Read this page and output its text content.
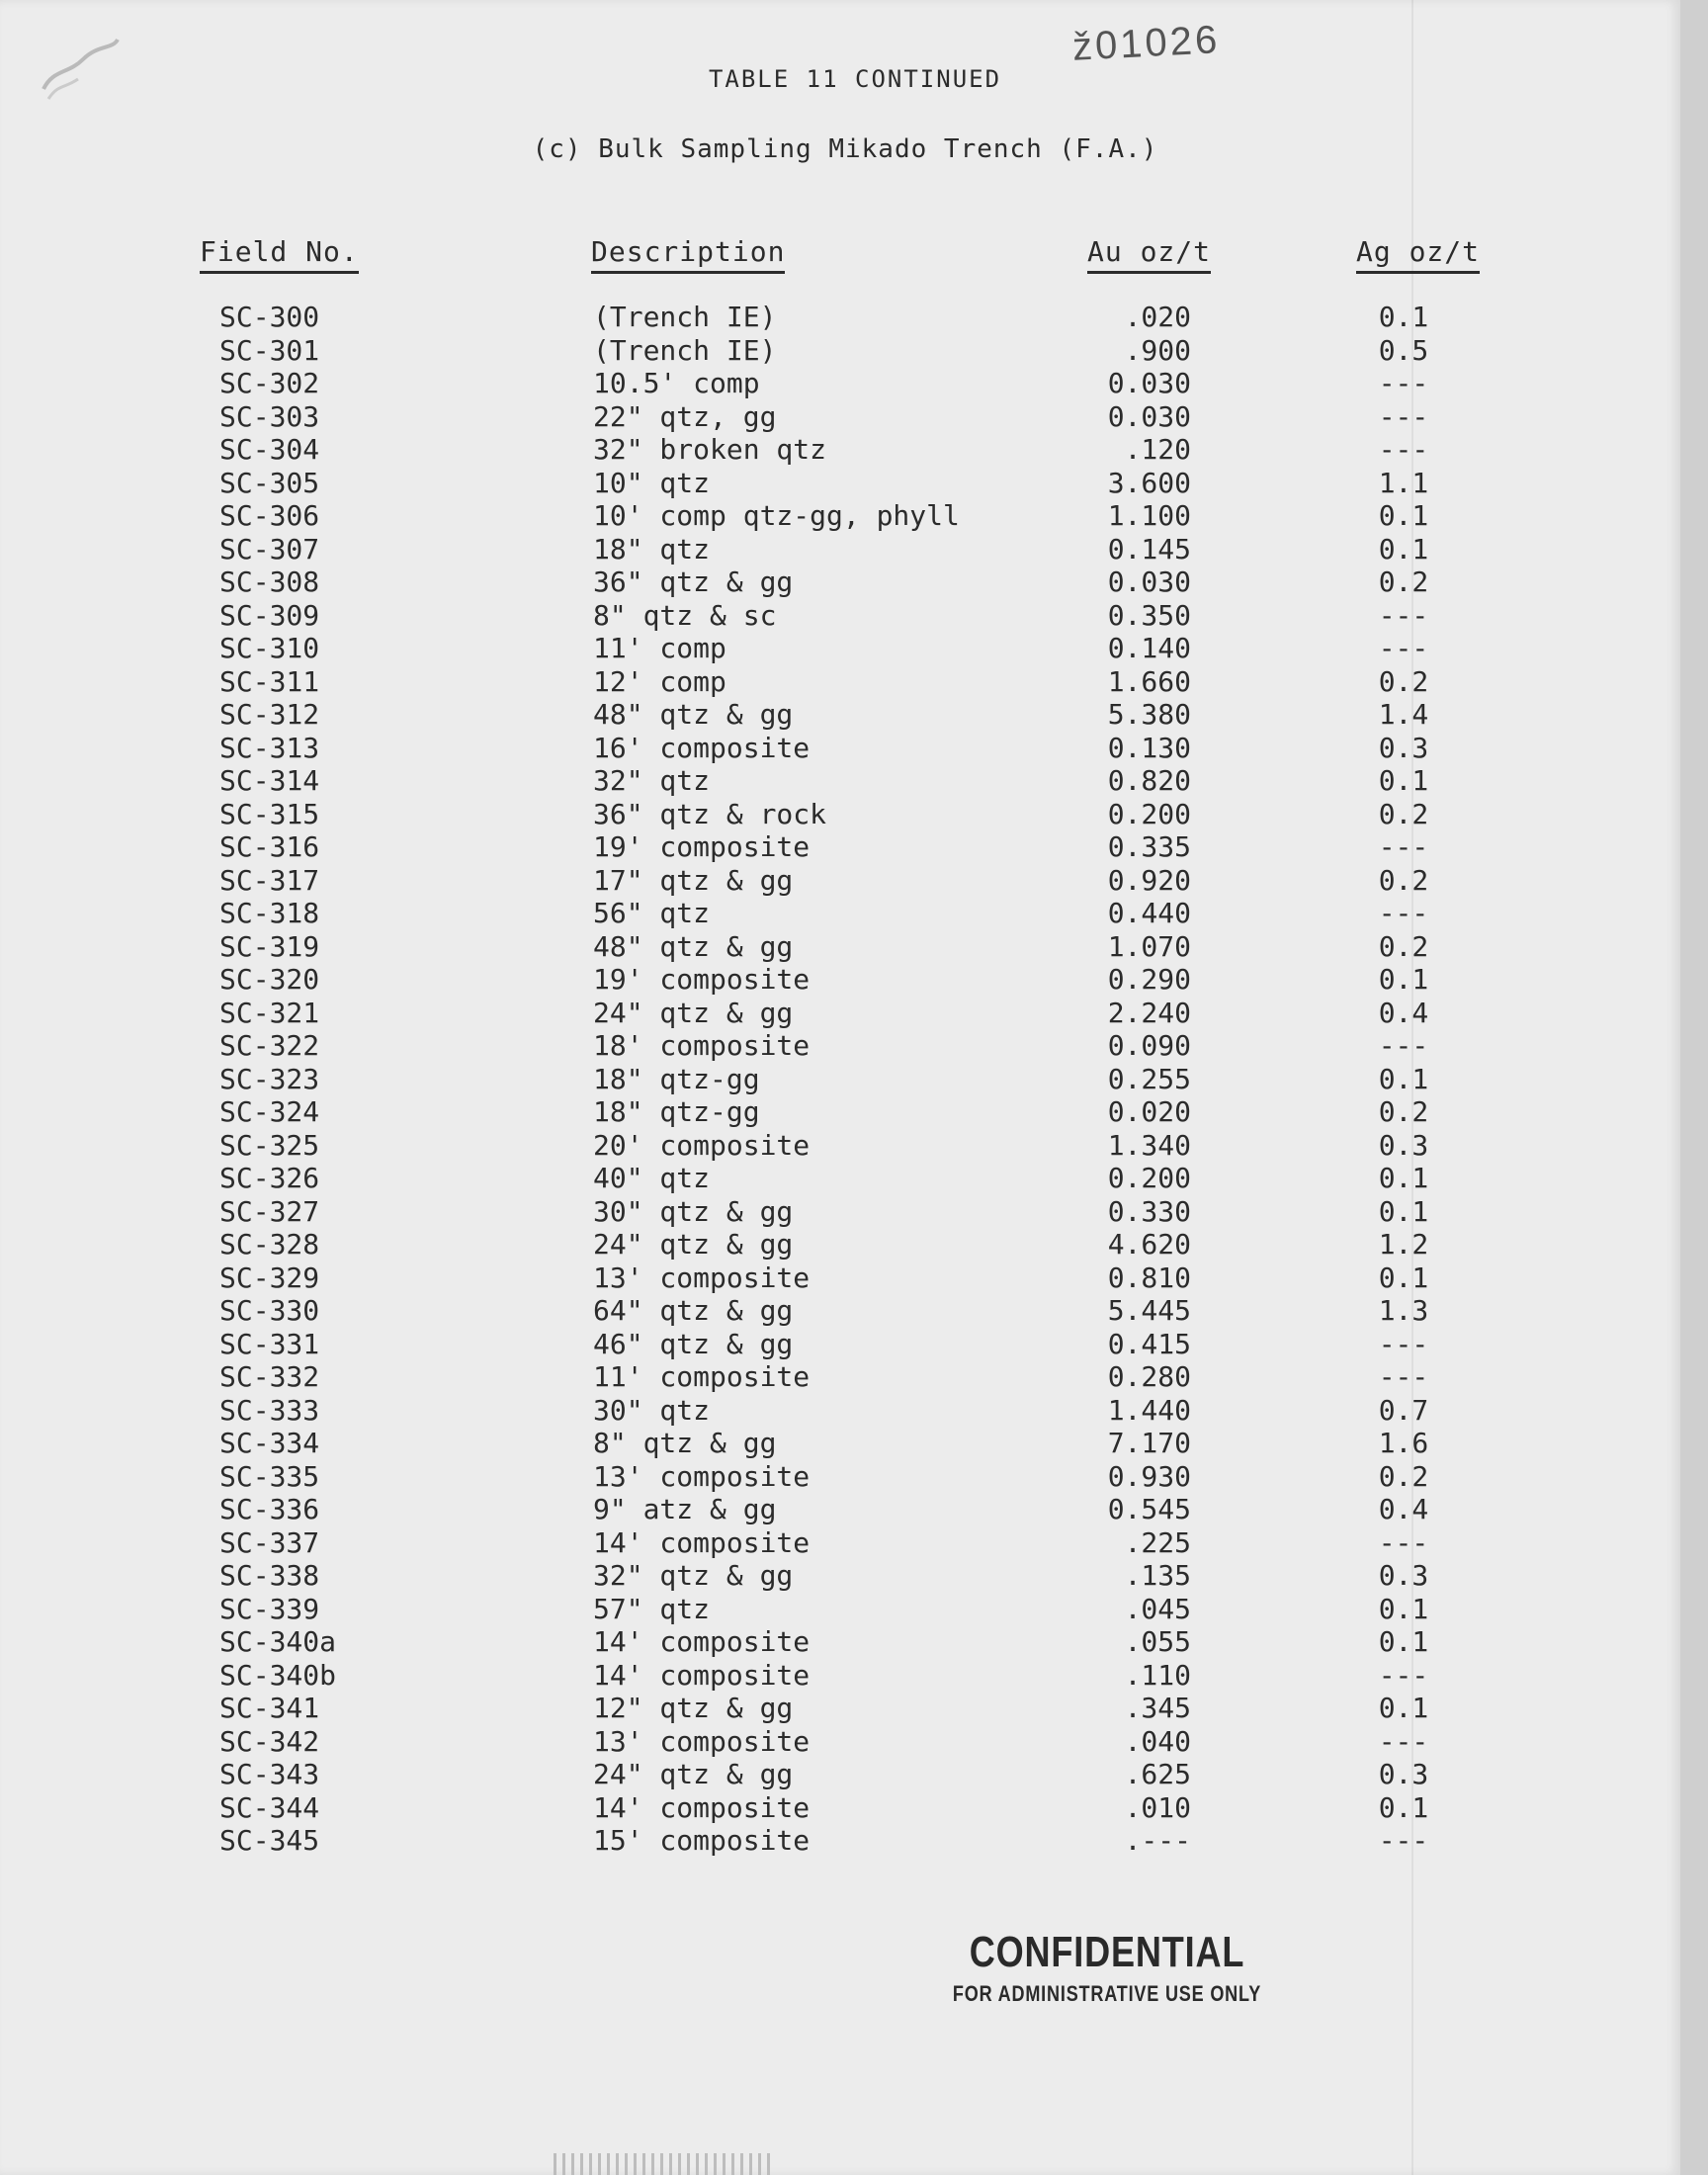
ž01026
TABLE 11 CONTINUED
(c) Bulk Sampling Mikado Trench (F.A.)
Field No.	Description	Au oz/t	Ag oz/t
SC-300	(Trench IE)	.020	0.1
SC-301	(Trench IE)	.900	0.5
SC-302	10.5' comp	0.030	---
SC-303	22" qtz, gg	0.030	---
SC-304	32" broken qtz	.120	---
SC-305	10" qtz	3.600	1.1
SC-306	10' comp qtz-gg, phyll	1.100	0.1
SC-307	18" qtz	0.145	0.1
SC-308	36" qtz & gg	0.030	0.2
SC-309	8" qtz & sc	0.350	---
SC-310	11' comp	0.140	---
SC-311	12' comp	1.660	0.2
SC-312	48" qtz & gg	5.380	1.4
SC-313	16' composite	0.130	0.3
SC-314	32" qtz	0.820	0.1
SC-315	36" qtz & rock	0.200	0.2
SC-316	19' composite	0.335	---
SC-317	17" qtz & gg	0.920	0.2
SC-318	56" qtz	0.440	---
SC-319	48" qtz & gg	1.070	0.2
SC-320	19' composite	0.290	0.1
SC-321	24" qtz & gg	2.240	0.4
SC-322	18' composite	0.090	---
SC-323	18" qtz-gg	0.255	0.1
SC-324	18" qtz-gg	0.020	0.2
SC-325	20' composite	1.340	0.3
SC-326	40" qtz	0.200	0.1
SC-327	30" qtz & gg	0.330	0.1
SC-328	24" qtz & gg	4.620	1.2
SC-329	13' composite	0.810	0.1
SC-330	64" qtz & gg	5.445	1.3
SC-331	46" qtz & gg	0.415	---
SC-332	11' composite	0.280	---
SC-333	30" qtz	1.440	0.7
SC-334	8" qtz & gg	7.170	1.6
SC-335	13' composite	0.930	0.2
SC-336	9" atz & gg	0.545	0.4
SC-337	14' composite	.225	---
SC-338	32" qtz & gg	.135	0.3
SC-339	57" qtz	.045	0.1
SC-340a	14' composite	.055	0.1
SC-340b	14' composite	.110	---
SC-341	12" qtz & gg	.345	0.1
SC-342	13' composite	.040	---
SC-343	24" qtz & gg	.625	0.3
SC-344	14' composite	.010	0.1
SC-345	15' composite	.---	---
CONFIDENTIAL
FOR ADMINISTRATIVE USE ONLY
